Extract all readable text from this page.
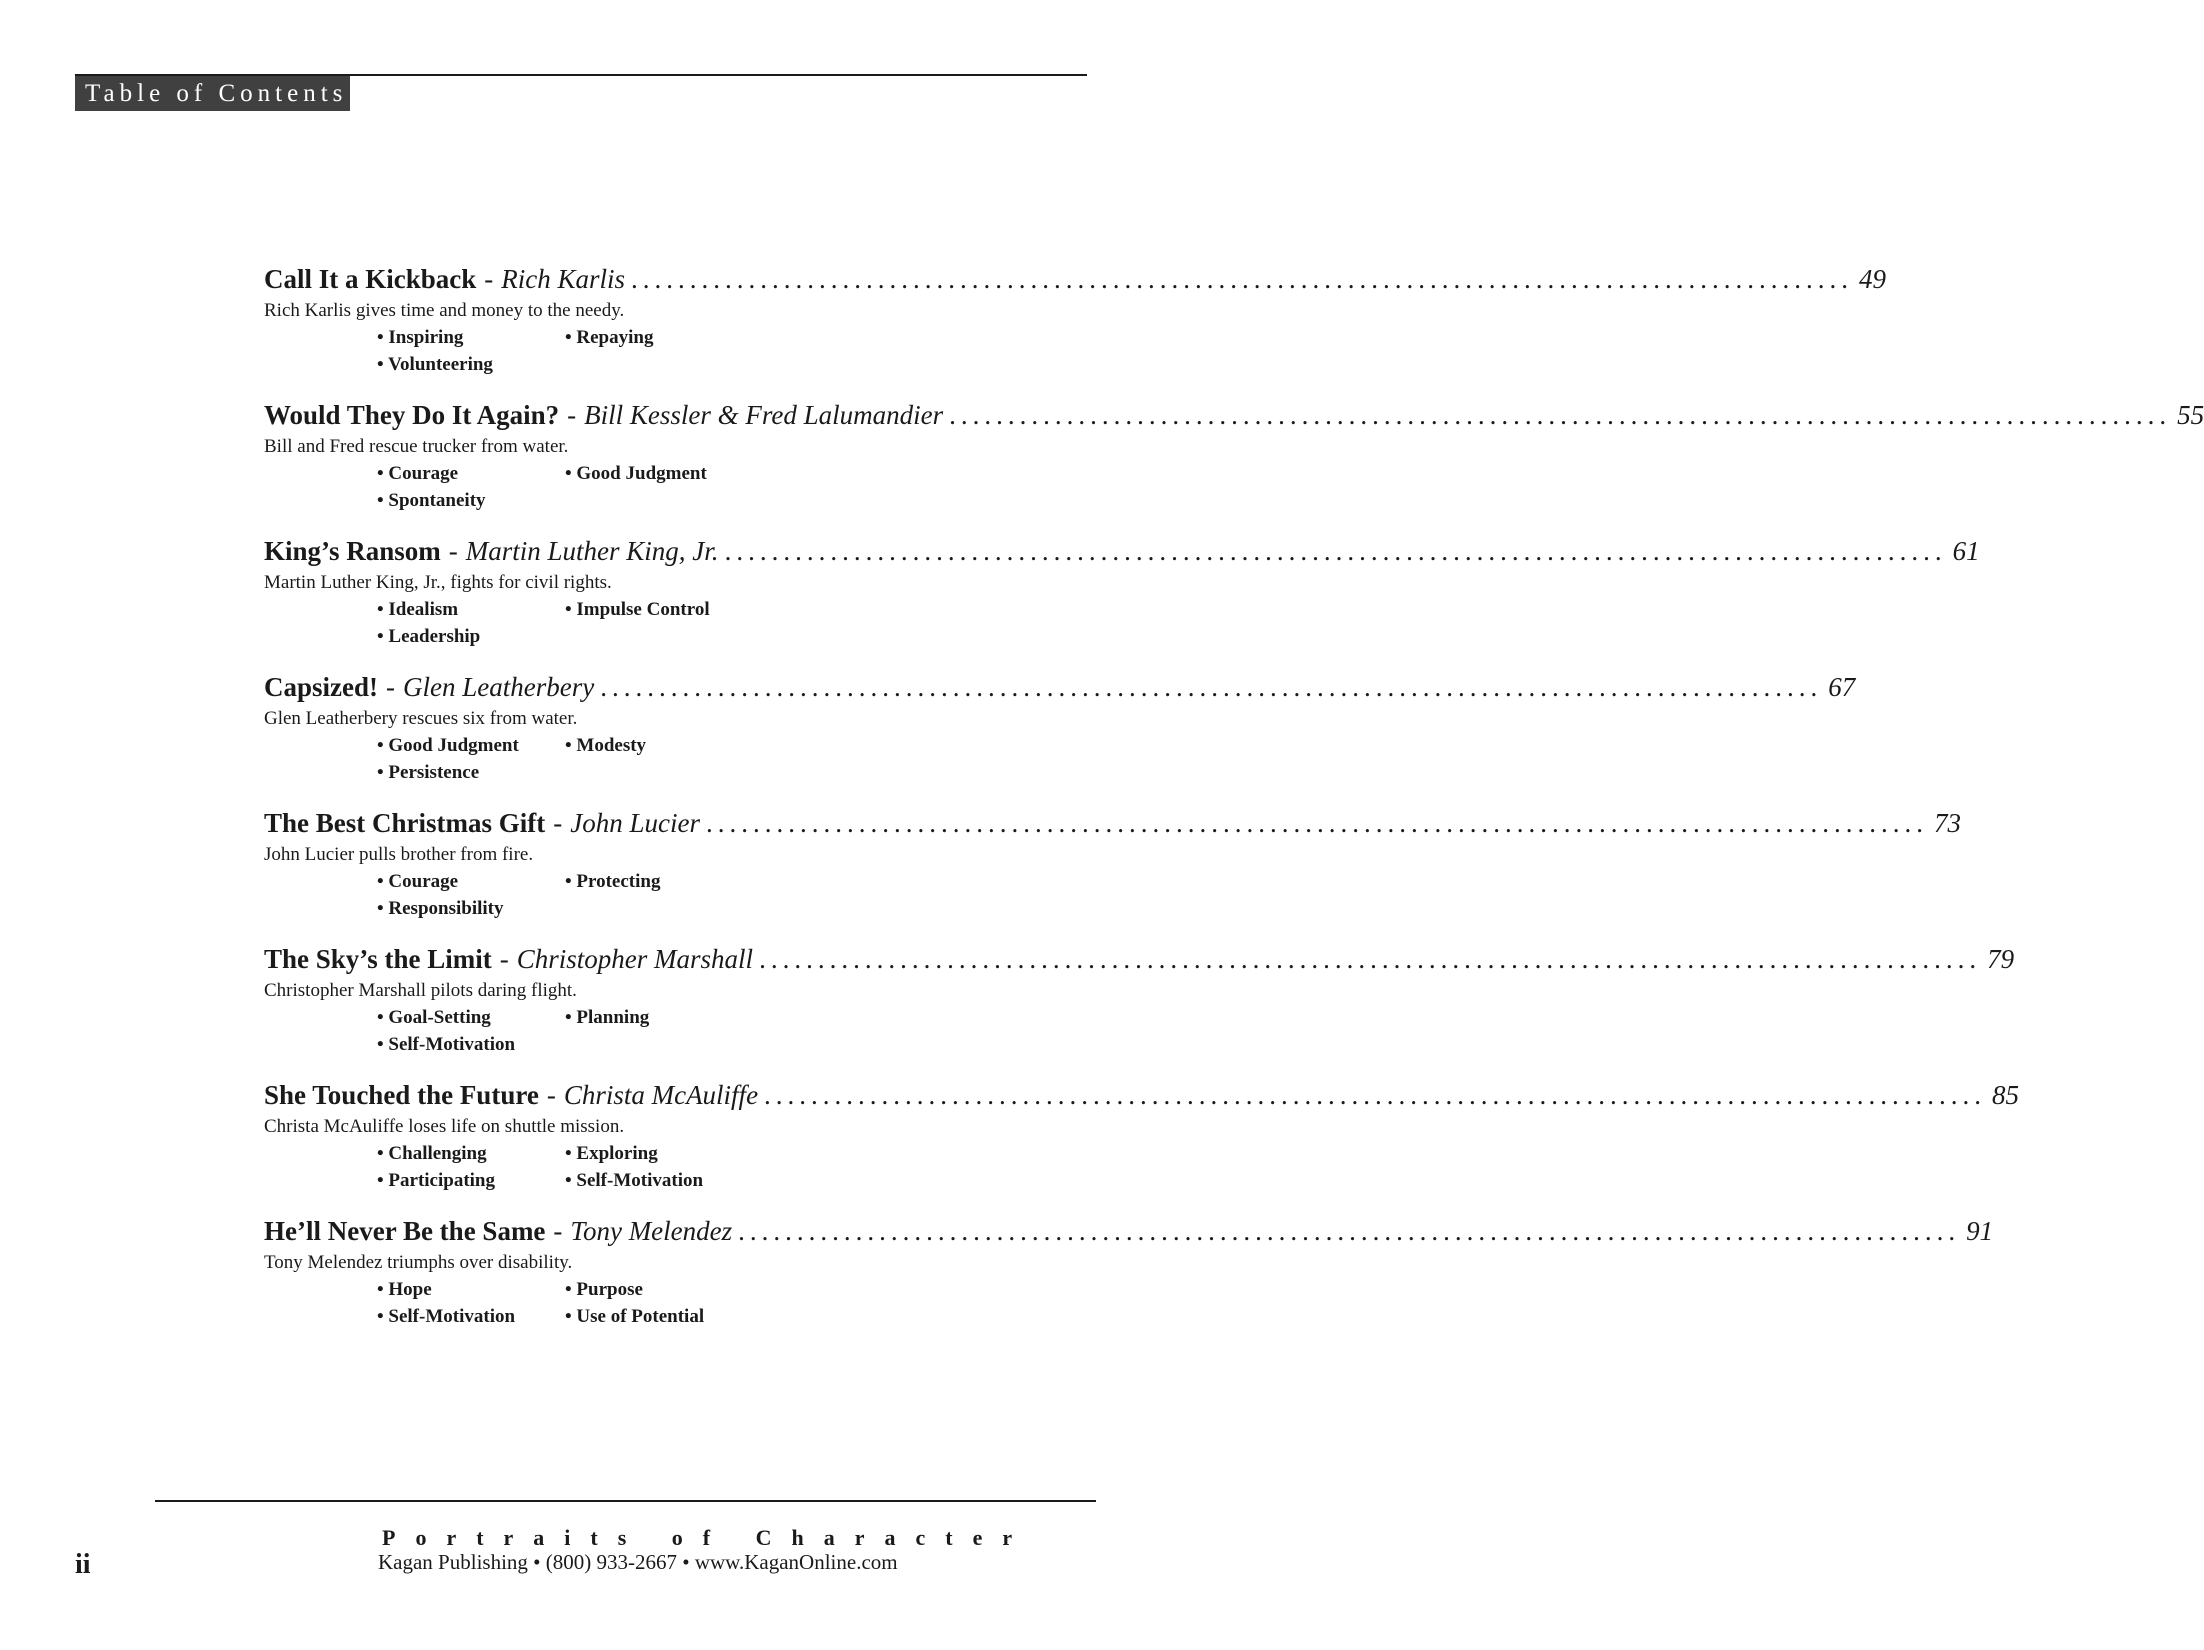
Table of Contents
Call It a Kickback - Rich Karlis ........................................................................................................ 49
Rich Karlis gives time and money to the needy.
• Inspiring	• Repaying
• Volunteering
Would They Do It Again? - Bill Kessler & Fred Lalumandier ........................................................................................................ 55
Bill and Fred rescue trucker from water.
• Courage	• Good Judgment
• Spontaneity
King’s Ransom - Martin Luther King, Jr. ........................................................................................................ 61
Martin Luther King, Jr., fights for civil rights.
• Idealism	• Impulse Control
• Leadership
Capsized! - Glen Leatherbery ........................................................................................................ 67
Glen Leatherbery rescues six from water.
• Good Judgment	• Modesty
• Persistence
The Best Christmas Gift - John Lucier ........................................................................................................ 73
John Lucier pulls brother from fire.
• Courage	• Protecting
• Responsibility
The Sky’s the Limit - Christopher Marshall ........................................................................................................ 79
Christopher Marshall pilots daring flight.
• Goal-Setting	• Planning
• Self-Motivation
She Touched the Future - Christa McAuliffe ........................................................................................................ 85
Christa McAuliffe loses life on shuttle mission.
• Challenging	• Exploring
• Participating	• Self-Motivation
He’ll Never Be the Same - Tony Melendez ........................................................................................................ 91
Tony Melendez triumphs over disability.
• Hope	• Purpose
• Self-Motivation	• Use of Potential
Portraits of Character
Kagan Publishing • (800) 933-2667 • www.KaganOnline.com
ii
